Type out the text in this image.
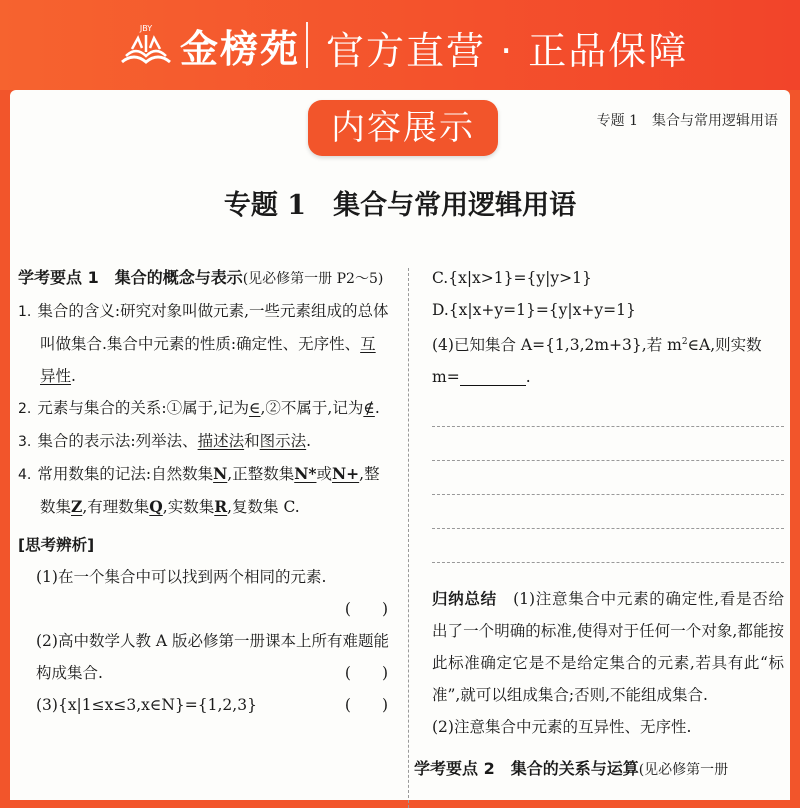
JBY 金榜苑 官方直营 · 正品保障
专题 1　集合与常用逻辑用语
内容展示
专题 1　集合与常用逻辑用语
学考要点 1　集合的概念与表示(见必修第一册 P2～5)

1. 集合的含义:研究对象叫做元素,一些元素组成的总体叫做集合.集合中元素的性质:确定性、无序性、互异性.

2. 元素与集合的关系:①属于,记为∈,②不属于,记为∉.

3. 集合的表示法:列举法、描述法和图示法.

4. 常用数集的记法:自然数集N,正整数集N*或N+,整数集Z,有理数集Q,实数集R,复数集 C.

[思考辨析]

(1)在一个集合中可以找到两个相同的元素.
(　　)

(2)高中数学人教 A 版必修第一册课本上所有难题能构成集合.	(　　)

(3){x|1≤x≤3,x∈N}={1,2,3}	(　　)

C.{x|x>1}={y|y>1}
D.{x|x+y=1}={y|x+y=1}
(4)已知集合 A={1,3,2m+3},若 $m^2\in A$,则实数 m=	.
归纳总结　 (1)注意集合中元素的确定性,看是否给出了一个明确的标准,使得对于任何一个对象,都能按此标准确定它是不是给定集合的元素,若具有此“标准”,就可以组成集合;否则,不能组成集合.
(2)注意集合中元素的互异性、无序性.
学考要点 2　集合的关系与运算(见必修第一册
